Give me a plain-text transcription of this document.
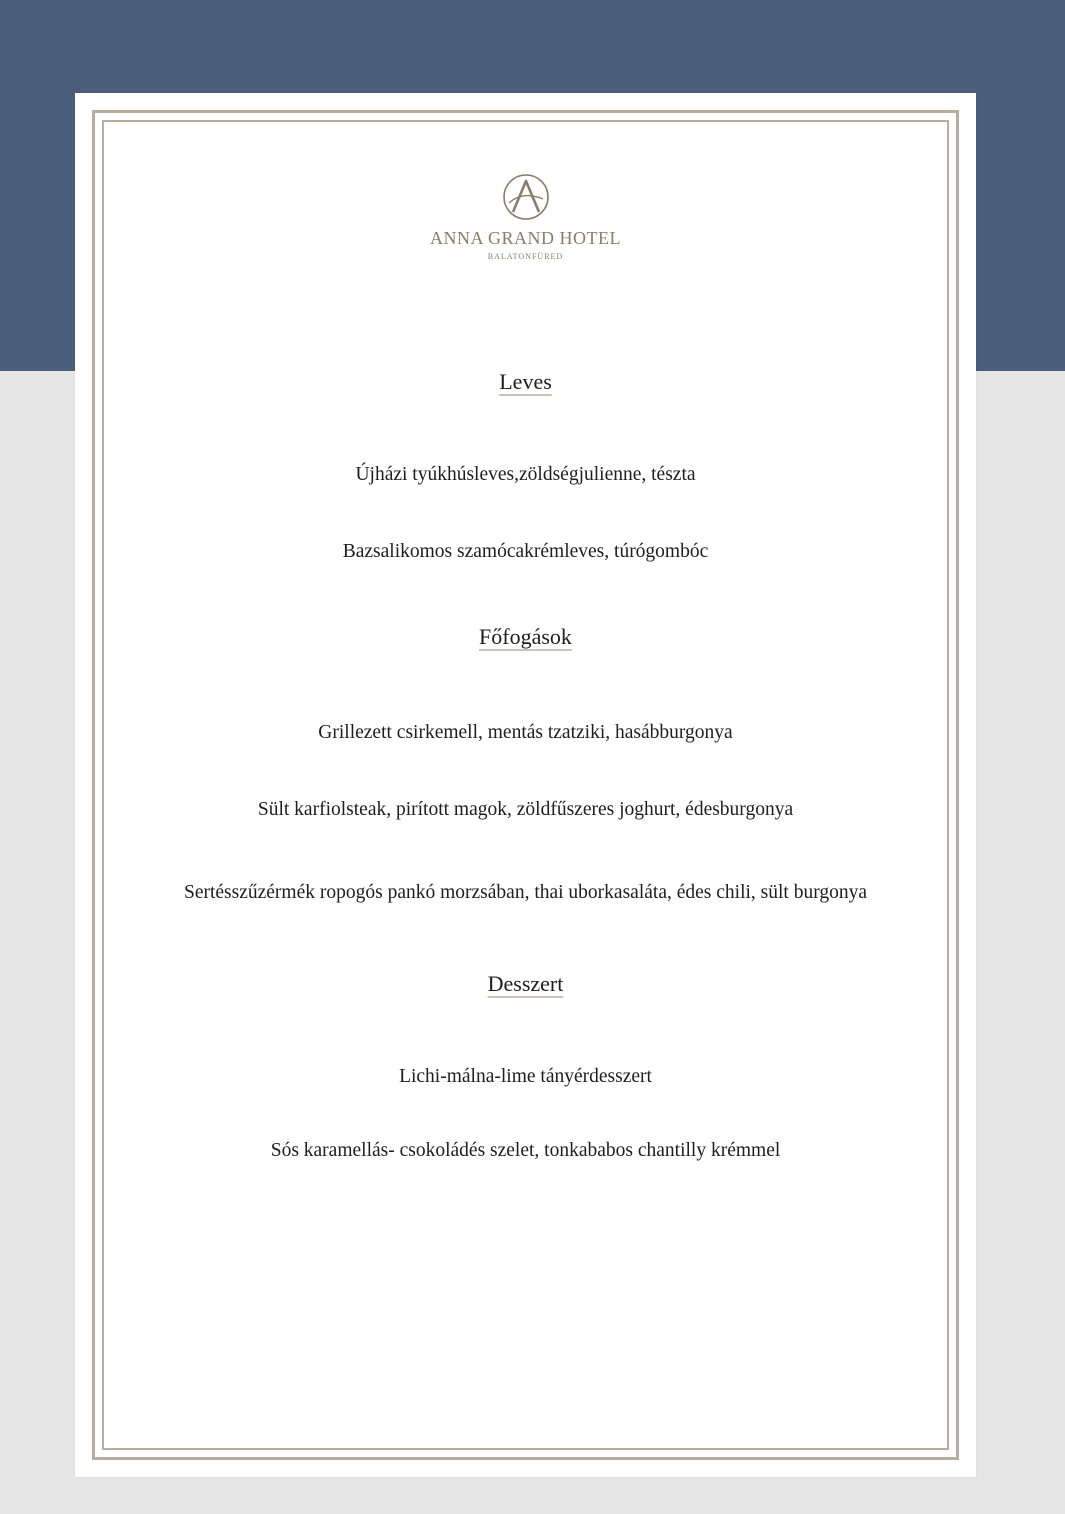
ANNA GRAND HOTEL
BALATONFÜRED
Leves
Újházi tyúkhúsleves,zöldségjulienne, tészta
Bazsalikomos szamócakrémleves, túrógombóc
Főfogások
Grillezett csirkemell, mentás tzatziki, hasábburgonya
Sült karfiolsteak, pirított magok, zöldfűszeres joghurt, édesburgonya
Sertésszűzérmék ropogós pankó morzsában, thai uborkasaláta, édes chili, sült burgonya
Desszert
Lichi-málna-lime tányérdesszert
Sós karamellás- csokoládés szelet, tonkababos chantilly krémmel
